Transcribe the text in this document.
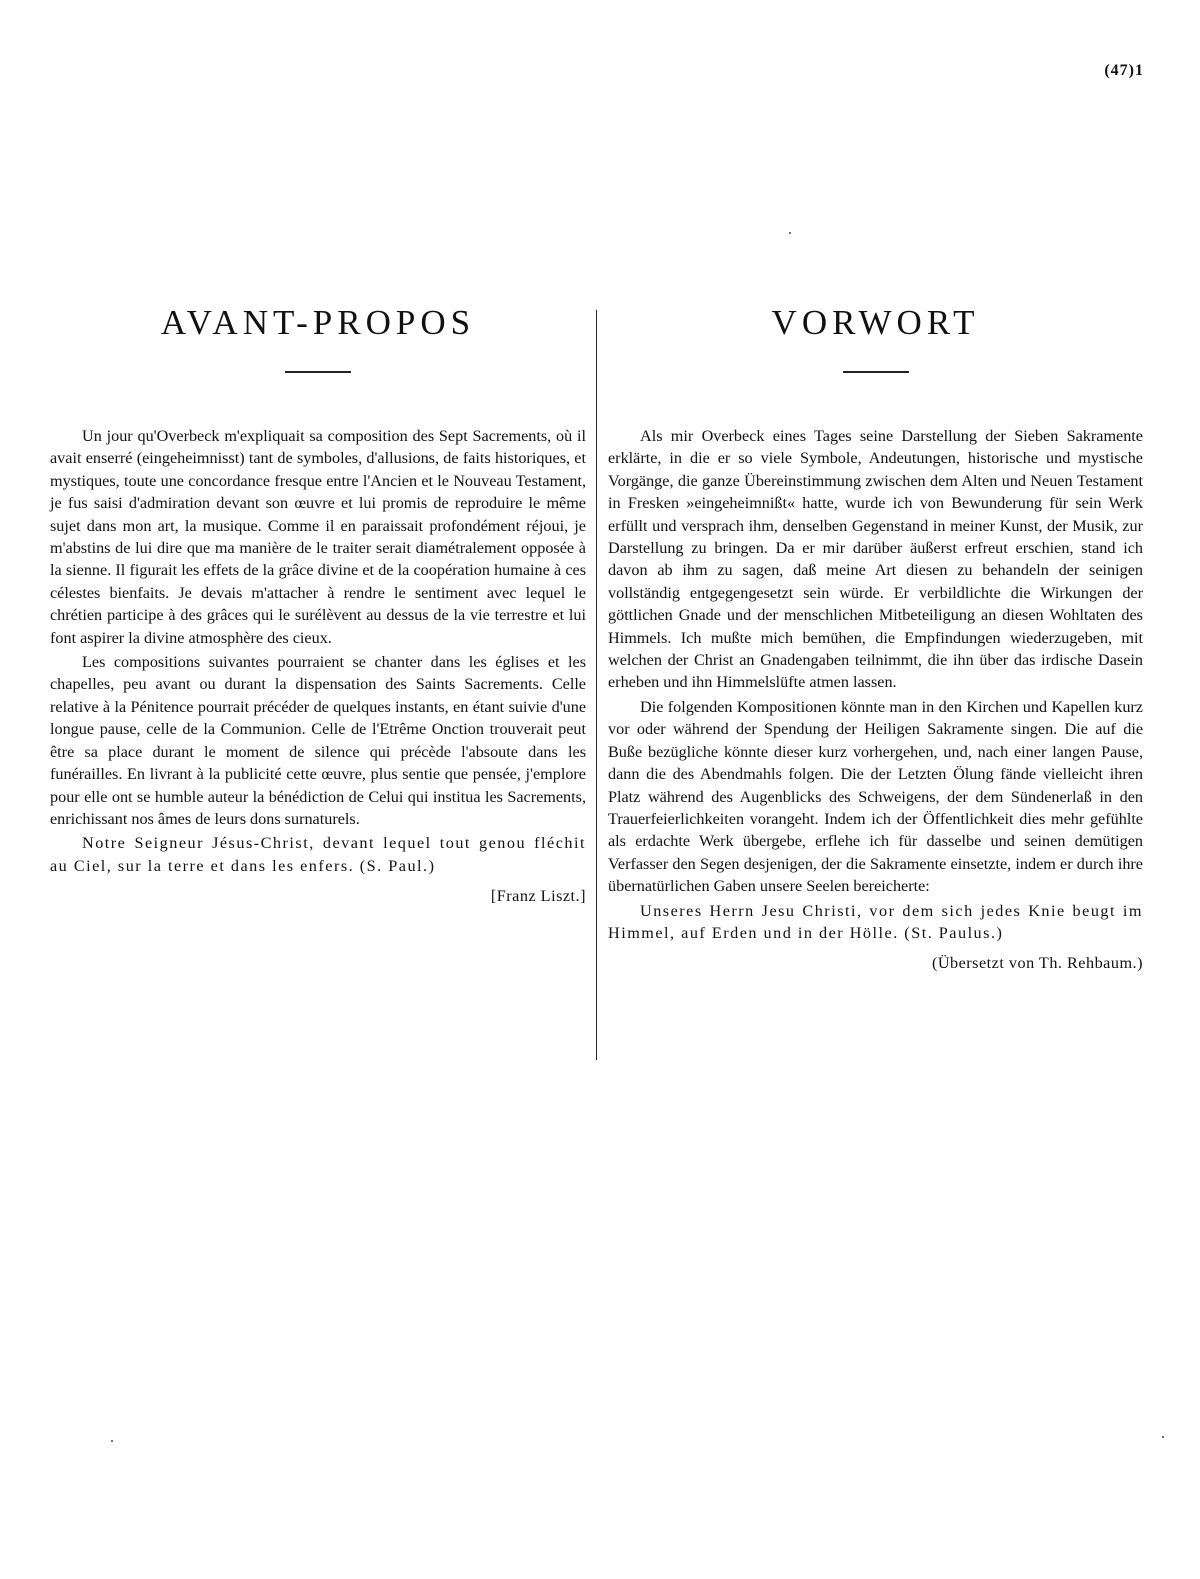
(47)1
AVANT-PROPOS

Un jour qu'Overbeck m'expliquait sa composition des Sept Sacrements, où il avait enserré (eingeheimnisst) tant de symboles, d'allusions, de faits historiques, et mystiques, toute une concordance fresque entre l'Ancien et le Nouveau Testament, je fus saisi d'admiration devant son œuvre et lui promis de reproduire le même sujet dans mon art, la musique. Comme il en paraissait profondément réjoui, je m'abstins de lui dire que ma manière de le traiter serait diamétralement opposée à la sienne. Il figurait les effets de la grâce divine et de la coopération humaine à ces célestes bienfaits. Je devais m'attacher à rendre le sentiment avec lequel le chrétien participe à des grâces qui le surélèvent au dessus de la vie terrestre et lui font aspirer la divine atmosphère des cieux.

Les compositions suivantes pourraient se chanter dans les églises et les chapelles, peu avant ou durant la dispensation des Saints Sacrements. Celle relative à la Pénitence pourrait précéder de quelques instants, en étant suivie d'une longue pause, celle de la Communion. Celle de l'Etrême Onction trouverait peut être sa place durant le moment de silence qui précède l'absoute dans les funérailles. En livrant à la publicité cette œuvre, plus sentie que pensée, j'emplore pour elle ont se humble auteur la bénédiction de Celui qui institua les Sacrements, enrichissant nos âmes de leurs dons surnaturels.

Notre Seigneur Jésus-Christ, devant lequel tout genou fléchit au Ciel, sur la terre et dans les enfers. (S. Paul.)

[Franz Liszt.]
VORWORT

Als mir Overbeck eines Tages seine Darstellung der Sieben Sakramente erklärte, in die er so viele Symbole, Andeutungen, historische und mystische Vorgänge, die ganze Übereinstimmung zwischen dem Alten und Neuen Testament in Fresken »eingeheimnißt« hatte, wurde ich von Bewunderung für sein Werk erfüllt und versprach ihm, denselben Gegenstand in meiner Kunst, der Musik, zur Darstellung zu bringen. Da er mir darüber äußerst erfreut erschien, stand ich davon ab ihm zu sagen, daß meine Art diesen zu behandeln der seinigen vollständig entgegengesetzt sein würde. Er verbildlichte die Wirkungen der göttlichen Gnade und der menschlichen Mitbeteiligung an diesen Wohltaten des Himmels. Ich mußte mich bemühen, die Empfindungen wiederzugeben, mit welchen der Christ an Gnadengaben teilnimmt, die ihn über das irdische Dasein erheben und ihn Himmelslüfte atmen lassen.

Die folgenden Kompositionen könnte man in den Kirchen und Kapellen kurz vor oder während der Spendung der Heiligen Sakramente singen. Die auf die Buße bezügliche könnte dieser kurz vorhergehen, und, nach einer langen Pause, dann die des Abendmahls folgen. Die der Letzten Ölung fände vielleicht ihren Platz während des Augenblicks des Schweigens, der dem Sündenerlaß in den Trauerfeierlichkeiten vorangeht. Indem ich der Öffentlichkeit dies mehr gefühlte als erdachte Werk übergebe, erflehe ich für dasselbe und seinen demütigen Verfasser den Segen desjenigen, der die Sakramente einsetzte, indem er durch ihre übernatürlichen Gaben unsere Seelen bereicherte:

Unseres Herrn Jesu Christi, vor dem sich jedes Knie beugt im Himmel, auf Erden und in der Hölle. (St. Paulus.)

(Übersetzt von Th. Rehbaum.)
